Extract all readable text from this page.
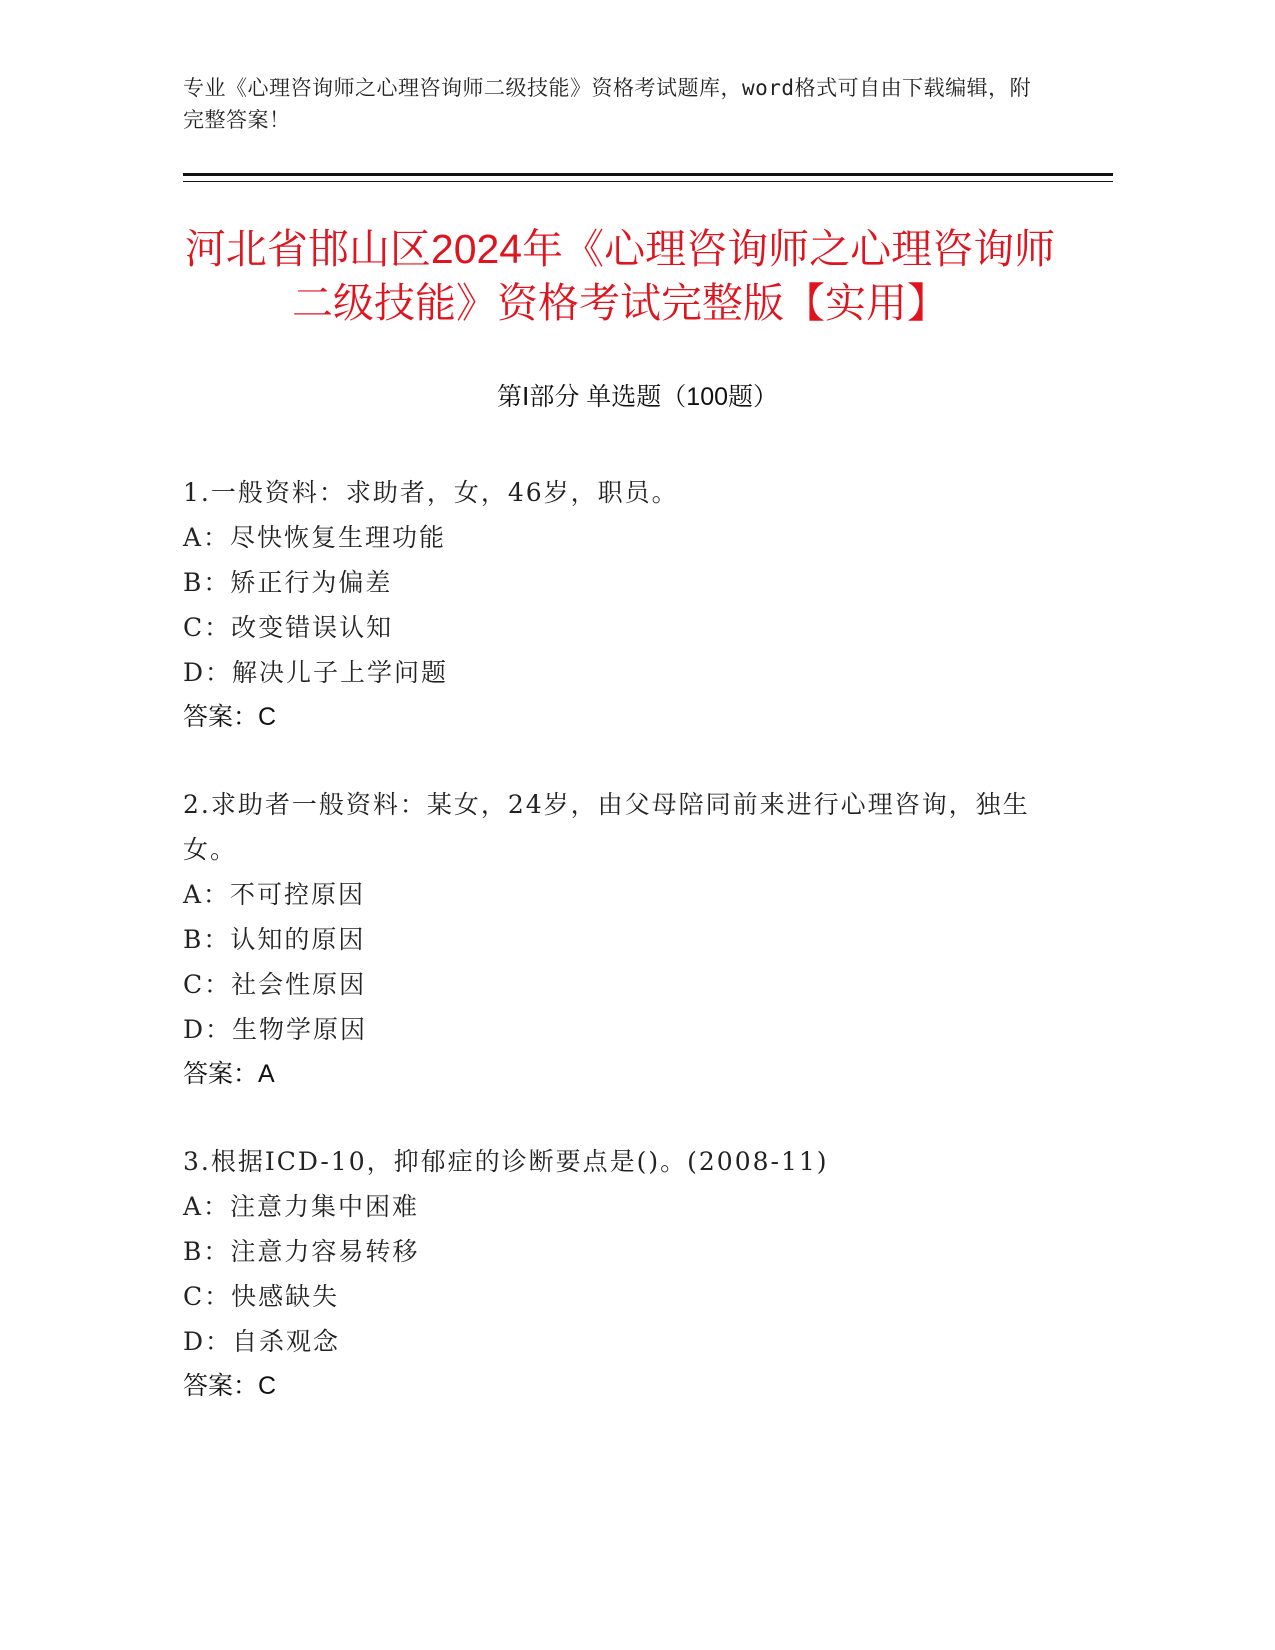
专业《心理咨询师之心理咨询师二级技能》资格考试题库，word格式可自由下载编辑，附完整答案！
河北省邯山区2024年《心理咨询师之心理咨询师二级技能》资格考试完整版【实用】
第Ⅰ部分 单选题（100题）
1.一般资料：求助者，女，46岁，职员。
A：尽快恢复生理功能
B：矫正行为偏差
C：改变错误认知
D：解决儿子上学问题
答案：C
2.求助者一般资料：某女，24岁，由父母陪同前来进行心理咨询，独生女。
A：不可控原因
B：认知的原因
C：社会性原因
D：生物学原因
答案：A
3.根据ICD-10，抑郁症的诊断要点是()。(2008-11)
A：注意力集中困难
B：注意力容易转移
C：快感缺失
D：自杀观念
答案：C
